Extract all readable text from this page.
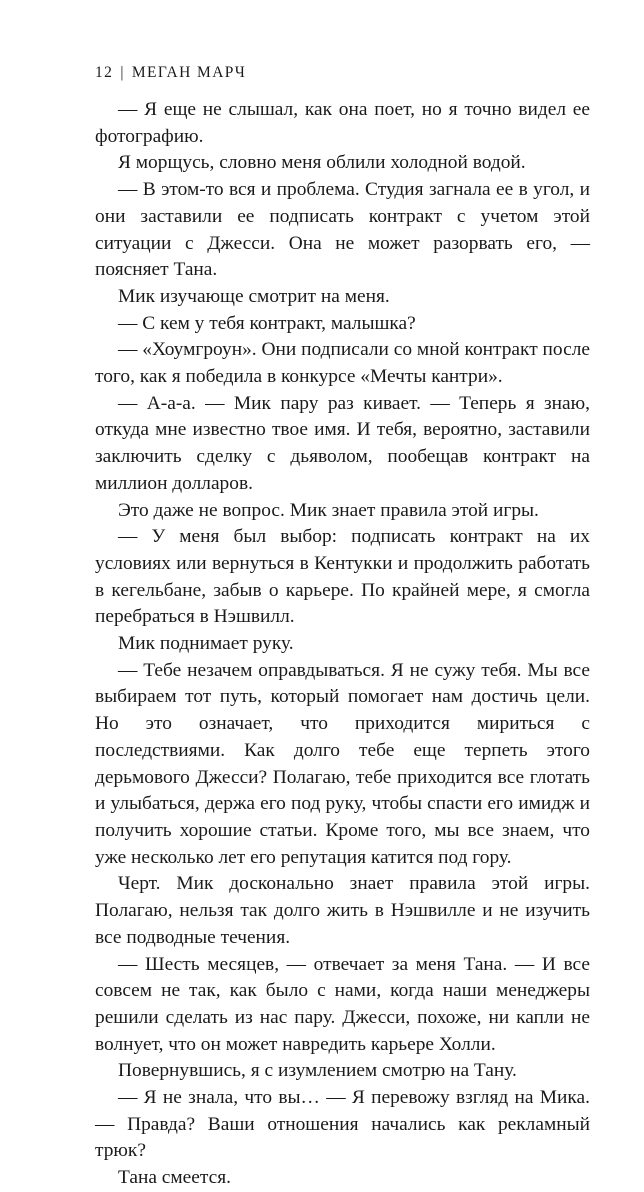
12 | МЕГАН МАРЧ

— Я еще не слышал, как она поет, но я точно видел ее фотографию.

Я морщусь, словно меня облили холодной водой.

— В этом-то вся и проблема. Студия загнала ее в угол, и они заставили ее подписать контракт с учетом этой ситуации с Джесси. Она не может разорвать его, — поясняет Тана.

Мик изучающе смотрит на меня.

— С кем у тебя контракт, малышка?

— «Хоумгроун». Они подписали со мной контракт после того, как я победила в конкурсе «Мечты кантри».

— А-а-а. — Мик пару раз кивает. — Теперь я знаю, откуда мне известно твое имя. И тебя, вероятно, заставили заключить сделку с дьяволом, пообещав контракт на миллион долларов.

Это даже не вопрос. Мик знает правила этой игры.

— У меня был выбор: подписать контракт на их условиях или вернуться в Кентукки и продолжить работать в кегельбане, забыв о карьере. По крайней мере, я смогла перебраться в Нэшвилл.

Мик поднимает руку.

— Тебе незачем оправдываться. Я не сужу тебя. Мы все выбираем тот путь, который помогает нам достичь цели. Но это означает, что приходится мириться с последствиями. Как долго тебе еще терпеть этого дерьмового Джесси? Полагаю, тебе приходится все глотать и улыбаться, держа его под руку, чтобы спасти его имидж и получить хорошие статьи. Кроме того, мы все знаем, что уже несколько лет его репутация катится под гору.

Черт. Мик досконально знает правила этой игры. Полагаю, нельзя так долго жить в Нэшвилле и не изучить все подводные течения.

— Шесть месяцев, — отвечает за меня Тана. — И все совсем не так, как было с нами, когда наши менеджеры решили сделать из нас пару. Джесси, похоже, ни капли не волнует, что он может навредить карьере Холли.

Повернувшись, я с изумлением смотрю на Тану.

— Я не знала, что вы… — Я перевожу взгляд на Мика. — Правда? Ваши отношения начались как рекламный трюк?

Тана смеется.
